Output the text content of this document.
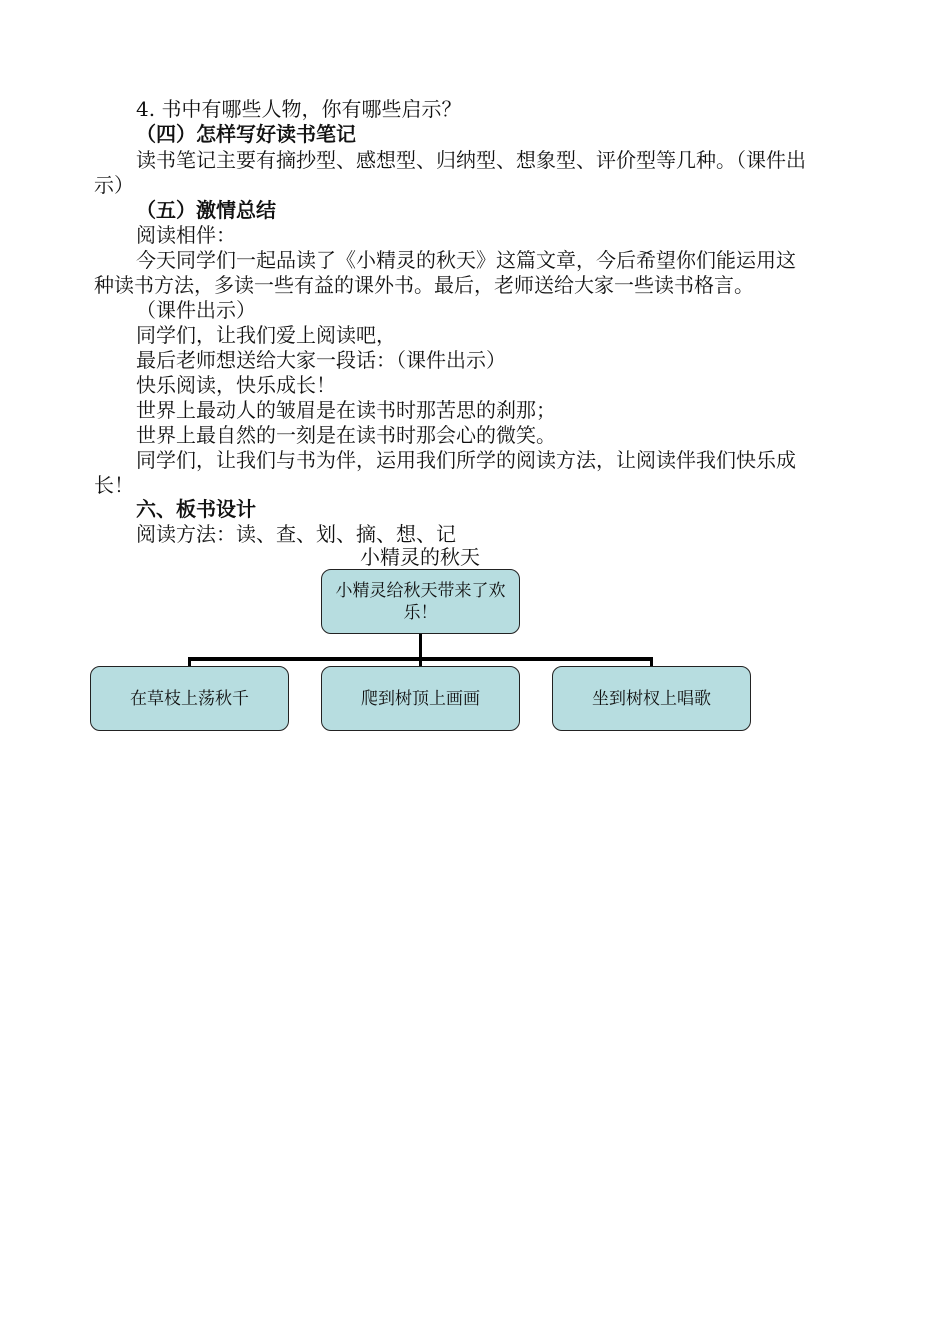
4. 书中有哪些人物，你有哪些启示？
（四）怎样写好读书笔记
读书笔记主要有摘抄型、感想型、归纳型、想象型、评价型等几种。（课件出
示）
（五）激情总结
阅读相伴：
今天同学们一起品读了《小精灵的秋天》这篇文章，今后希望你们能运用这
种读书方法，多读一些有益的课外书。最后，老师送给大家一些读书格言。
（课件出示）
同学们，让我们爱上阅读吧，
最后老师想送给大家一段话：（课件出示）
快乐阅读，快乐成长！
世界上最动人的皱眉是在读书时那苦思的刹那；
世界上最自然的一刻是在读书时那会心的微笑。
同学们，让我们与书为伴，运用我们所学的阅读方法，让阅读伴我们快乐成
长！
六、板书设计
阅读方法：读、查、划、摘、想、记
小精灵的秋天
小精灵给秋天带来了欢乐！
在草枝上荡秋千	爬到树顶上画画	坐到树杈上唱歌
